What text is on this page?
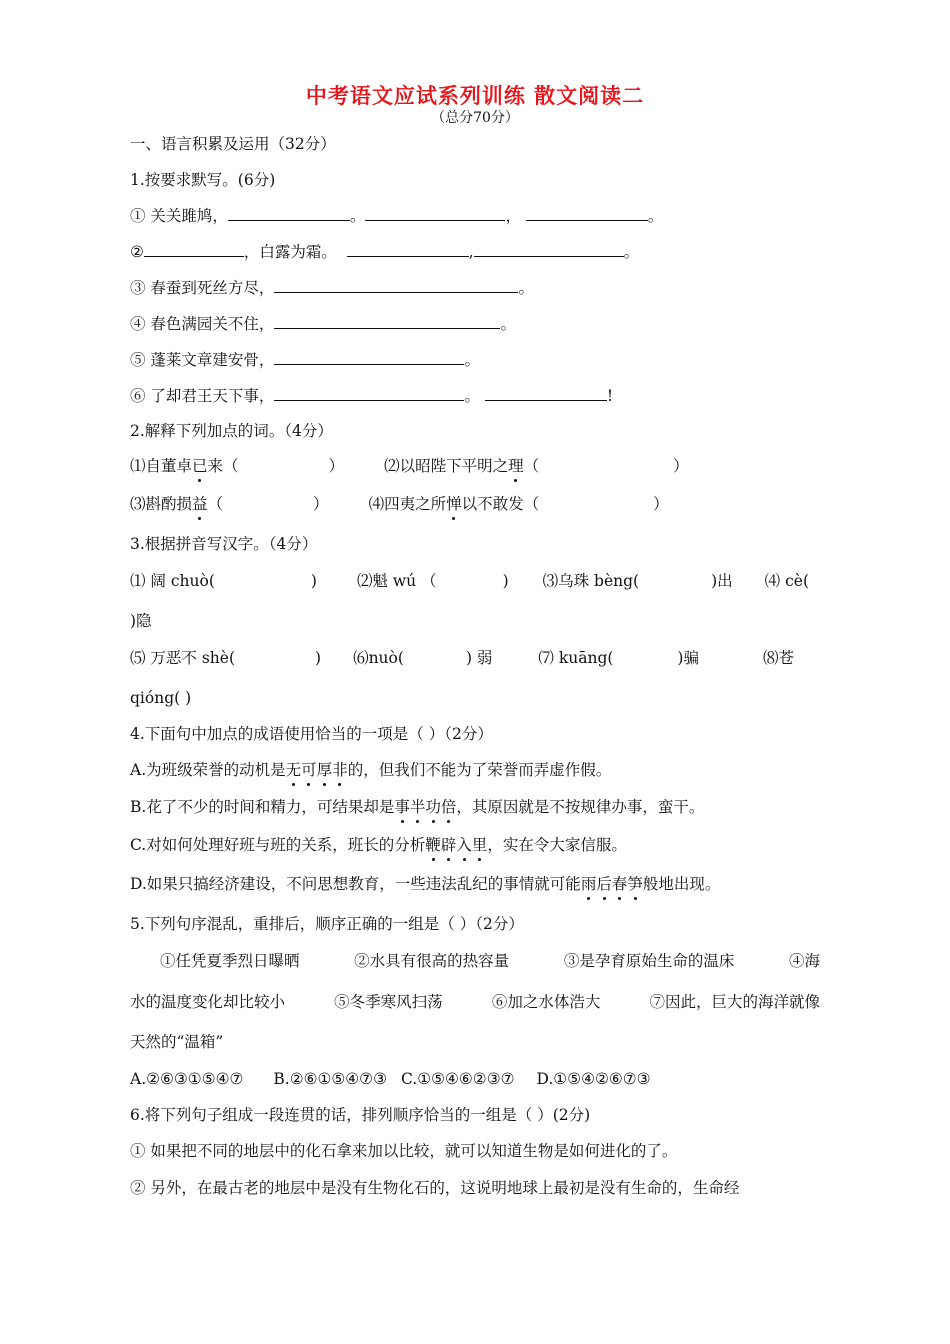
中考语文应试系列训练 散文阅读二
（总分70分）
一、语言积累及运用（32分）
1.按要求默写。(6分)
① 关关雎鸠，	。	，	。
②	，白露为霜。	,	。
③ 春蚕到死丝方尽，	。
④ 春色满园关不住，	。
⑤ 蓬莱文章建安骨，	。
⑥ 了却君王天下事，	。	!
2.解释下列加点的词。（4分）
⑴自董卓已来（	）	⑵以昭陛下平明之理（	）
⑶斟酌损益（	）	⑷四夷之所惮以不敢发（	）
3.根据拼音写汉字。（4分）
⑴ 阔 chuò(	)	⑵魁 wú （	) ⑶乌珠 bèng(	)出 ⑷ cè(
)隐
⑸ 万恶不 shè(	) ⑹nuò(	) 弱	⑺ kuāng(	)骗	⑻苍
qióng( )
4.下面句中加点的成语使用恰当的一项是（ ）（2分）
A.为班级荣誉的动机是无可厚非的，但我们不能为了荣誉而弄虚作假。
B.花了不少的时间和精力，可结果却是事半功倍，其原因就是不按规律办事，蛮干。
C.对如何处理好班与班的关系，班长的分析鞭辟入里，实在令大家信服。
D.如果只搞经济建设，不问思想教育，一些违法乱纪的事情就可能雨后春笋般地出现。
5.下列句序混乱，重排后，顺序正确的一组是（ ）（2分）
①任凭夏季烈日曝晒	②水具有很高的热容量	③是孕育原始生命的温床	④海
水的温度变化却比较小	⑤冬季寒风扫荡	⑥加之水体浩大	⑦因此，巨大的海洋就像
天然的“温箱”
A.②⑥③①⑤④⑦ B.②⑥①⑤④⑦③ C.①⑤④⑥②③⑦ D.①⑤④②⑥⑦③
6.将下列句子组成一段连贯的话，排列顺序恰当的一组是（ ）(2分)
① 如果把不同的地层中的化石拿来加以比较，就可以知道生物是如何进化的了。
② 另外，在最古老的地层中是没有生物化石的，这说明地球上最初是没有生命的，生命经
